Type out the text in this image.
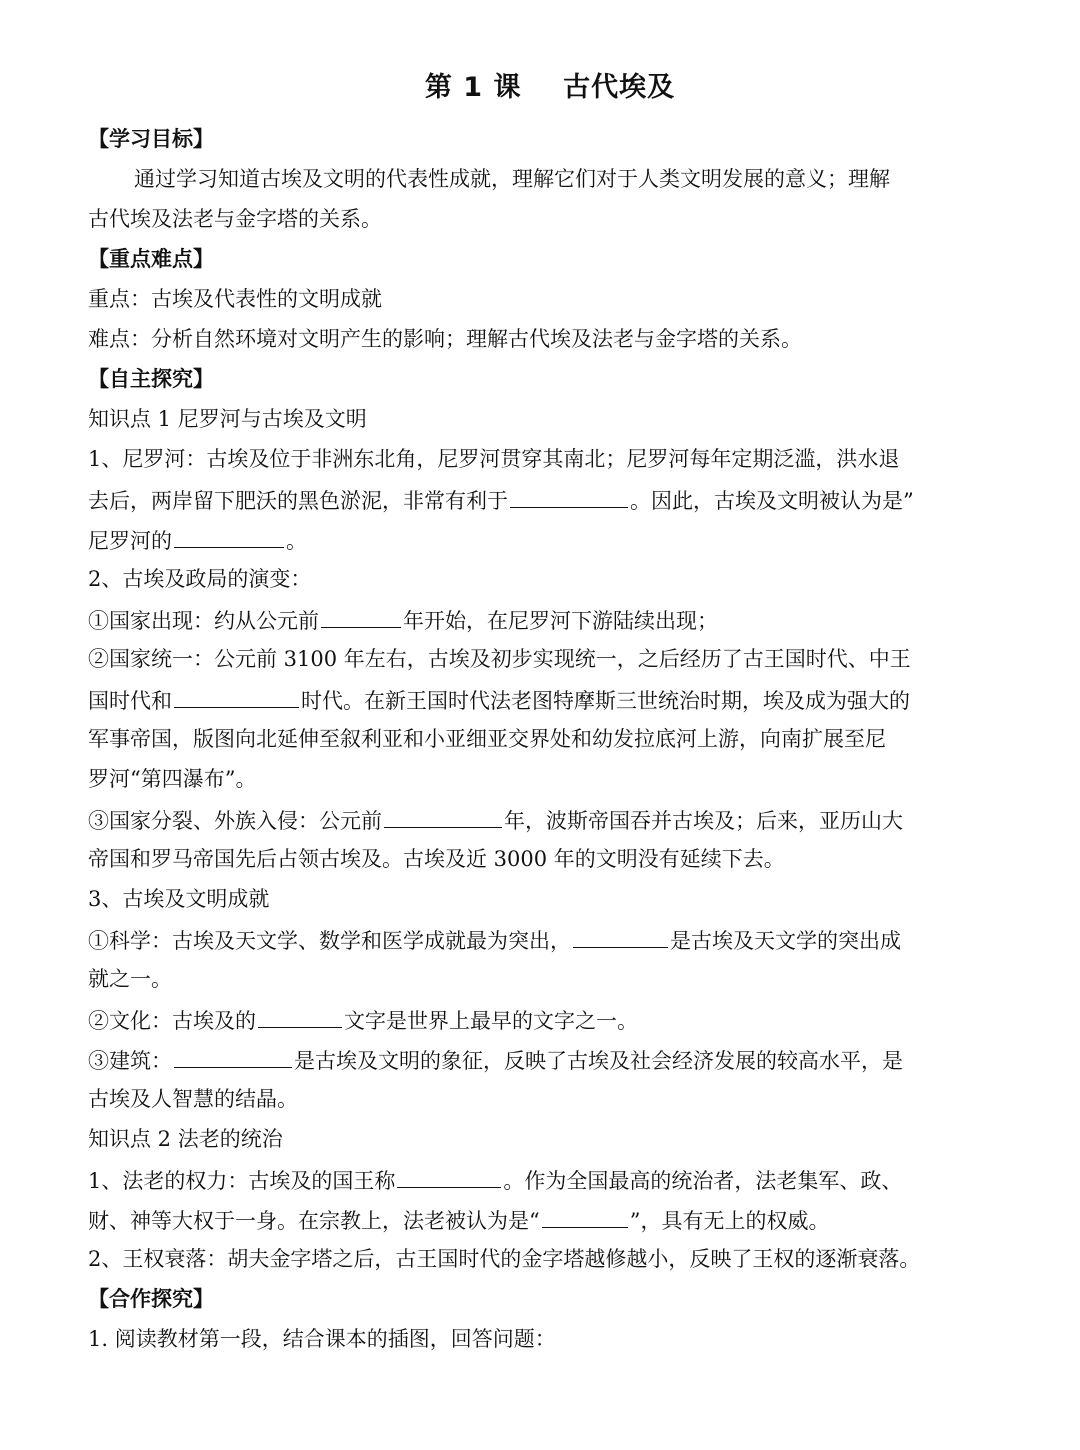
第 1 课    古代埃及
【学习目标】
通过学习知道古埃及文明的代表性成就，理解它们对于人类文明发展的意义；理解
古代埃及法老与金字塔的关系。
【重点难点】
重点：古埃及代表性的文明成就
难点：分析自然环境对文明产生的影响；理解古代埃及法老与金字塔的关系。
【自主探究】
知识点 1 尼罗河与古埃及文明
1、尼罗河：古埃及位于非洲东北角，尼罗河贯穿其南北；尼罗河每年定期泛滥，洪水退
去后，两岸留下肥沃的黑色淤泥，非常有利于	。因此，古埃及文明被认为是”
尼罗河的	。
2、古埃及政局的演变：
①国家出现：约从公元前	年开始，在尼罗河下游陆续出现；
②国家统一：公元前 3100 年左右，古埃及初步实现统一，之后经历了古王国时代、中王
国时代和	时代。在新王国时代法老图特摩斯三世统治时期，埃及成为强大的
军事帝国，版图向北延伸至叙利亚和小亚细亚交界处和幼发拉底河上游，向南扩展至尼
罗河“第四瀑布”。
③国家分裂、外族入侵：公元前	年，波斯帝国吞并古埃及；后来，亚历山大
帝国和罗马帝国先后占领古埃及。古埃及近 3000 年的文明没有延续下去。
3、古埃及文明成就
①科学：古埃及天文学、数学和医学成就最为突出，	是古埃及天文学的突出成
就之一。
②文化：古埃及的	文字是世界上最早的文字之一。
③建筑：	是古埃及文明的象征，反映了古埃及社会经济发展的较高水平，是
古埃及人智慧的结晶。
知识点 2 法老的统治
1、法老的权力：古埃及的国王称	。作为全国最高的统治者，法老集军、政、
财、神等大权于一身。在宗教上，法老被认为是“	”，具有无上的权威。
2、王权衰落：胡夫金字塔之后，古王国时代的金字塔越修越小，反映了王权的逐渐衰落。
【合作探究】
1. 阅读教材第一段，结合课本的插图，回答问题：
